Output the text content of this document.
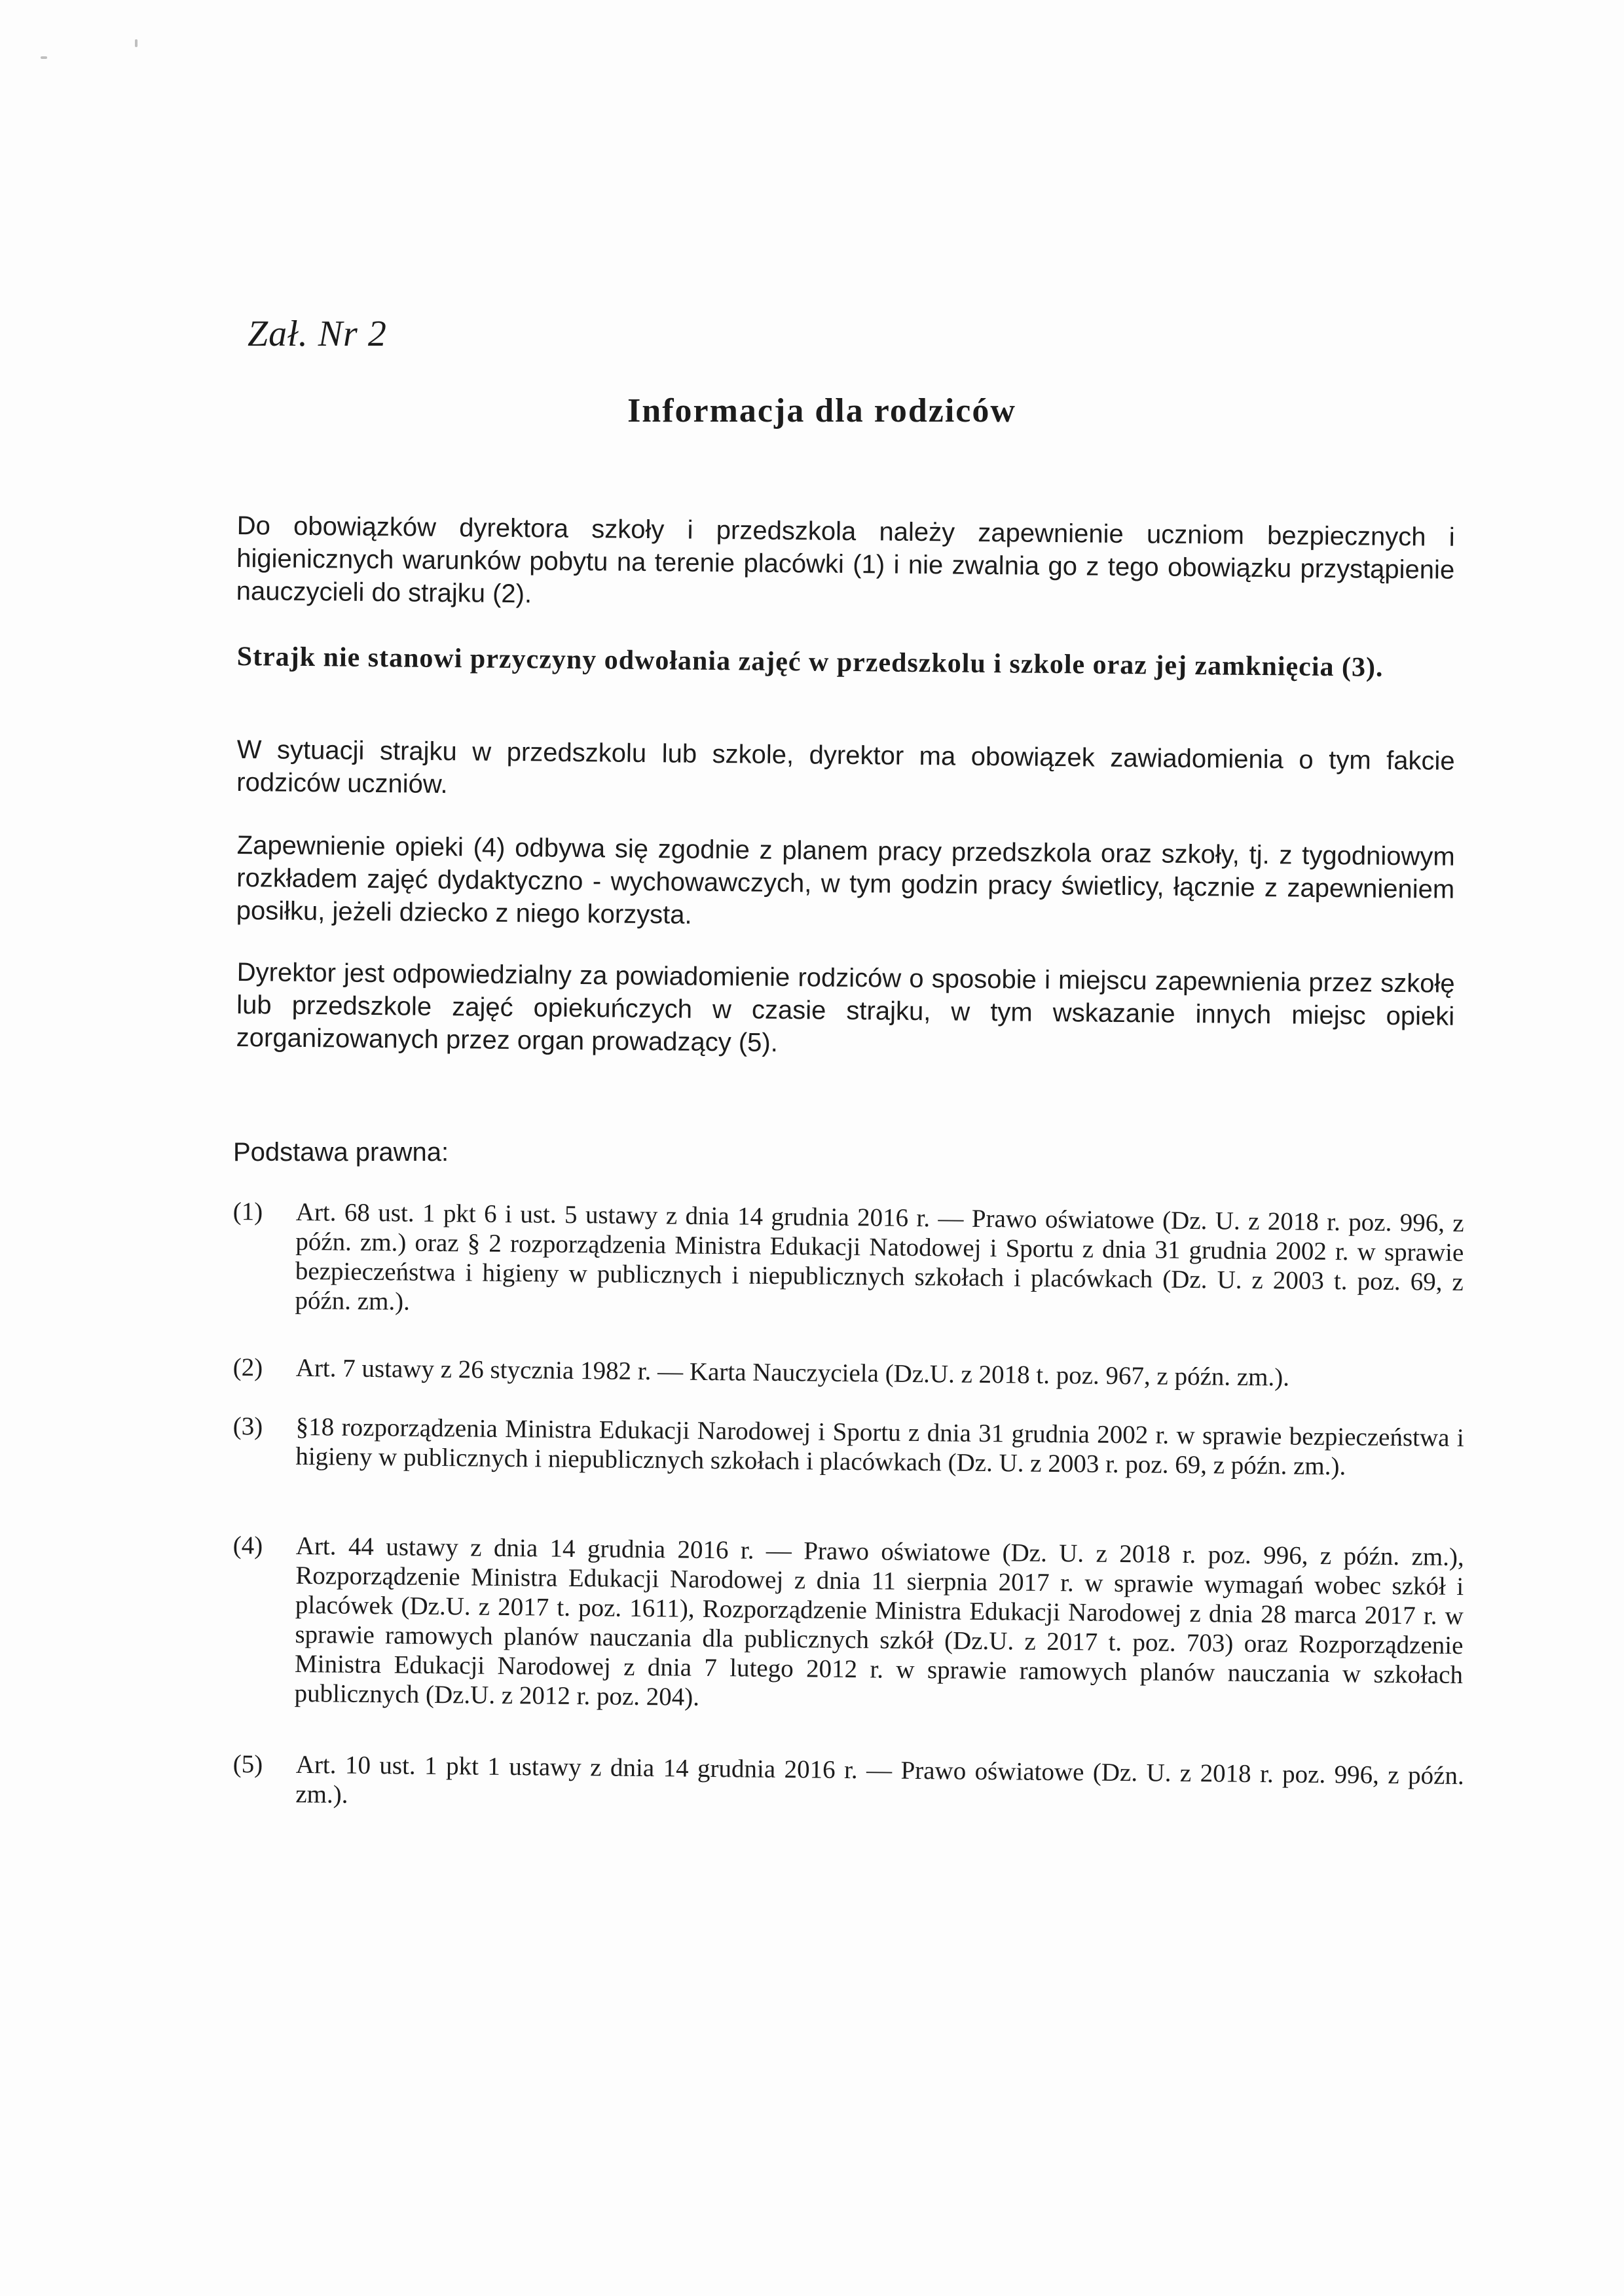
Zał. Nr 2
Informacja dla rodziców
Do obowiązków dyrektora szkoły i przedszkola należy zapewnienie uczniom bezpiecznych i higienicznych warunków pobytu na terenie placówki (1) i nie zwalnia go z tego obowiązku przystąpienie nauczycieli do strajku (2).
Strajk nie stanowi przyczyny odwołania zajęć w przedszkolu i szkole oraz jej zamknięcia (3).
W sytuacji strajku w przedszkolu lub szkole, dyrektor ma obowiązek zawiadomienia o tym fakcie rodziców uczniów.
Zapewnienie opieki (4) odbywa się zgodnie z planem pracy przedszkola oraz szkoły, tj. z tygodniowym rozkładem zajęć dydaktyczno - wychowawczych, w tym godzin pracy świetlicy, łącznie z zapewnieniem posiłku, jeżeli dziecko z niego korzysta.
Dyrektor jest odpowiedzialny za powiadomienie rodziców o sposobie i miejscu zapewnienia przez szkołę lub przedszkole zajęć opiekuńczych w czasie strajku, w tym wskazanie innych miejsc opieki zorganizowanych przez organ prowadzący (5).
Podstawa prawna:
(1)	Art. 68 ust. 1 pkt 6 i ust. 5 ustawy z dnia 14 grudnia 2016 r. — Prawo oświatowe (Dz. U. z 2018 r. poz. 996, z późn. zm.) oraz § 2 rozporządzenia Ministra Edukacji Natodowej i Sportu z dnia 31 grudnia 2002 r. w sprawie bezpieczeństwa i higieny w publicznych i niepublicznych szkołach i placówkach (Dz. U. z 2003 t. poz. 69, z późn. zm.).
(2)	Art. 7 ustawy z 26 stycznia 1982 r. — Karta Nauczyciela (Dz.U. z 2018 t. poz. 967, z późn. zm.).
(3)	§18 rozporządzenia Ministra Edukacji Narodowej i Sportu z dnia 31 grudnia 2002 r. w sprawie bezpieczeństwa i higieny w publicznych i niepublicznych szkołach i placówkach (Dz. U. z 2003 r. poz. 69, z późn. zm.).
(4)	Art. 44 ustawy z dnia 14 grudnia 2016 r. — Prawo oświatowe (Dz. U. z 2018 r. poz. 996, z późn. zm.), Rozporządzenie Ministra Edukacji Narodowej z dnia 11 sierpnia 2017 r. w sprawie wymagań wobec szkół i placówek (Dz.U. z 2017 t. poz. 1611), Rozporządzenie Ministra Edukacji Narodowej z dnia 28 marca 2017 r. w sprawie ramowych planów nauczania dla publicznych szkół (Dz.U. z 2017 t. poz. 703) oraz Rozporządzenie Ministra Edukacji Narodowej z dnia 7 lutego 2012 r. w sprawie ramowych planów nauczania w szkołach publicznych (Dz.U. z 2012 r. poz. 204).
(5)	Art. 10 ust. 1 pkt 1 ustawy z dnia 14 grudnia 2016 r. — Prawo oświatowe (Dz. U. z 2018 r. poz. 996, z późn. zm.).
